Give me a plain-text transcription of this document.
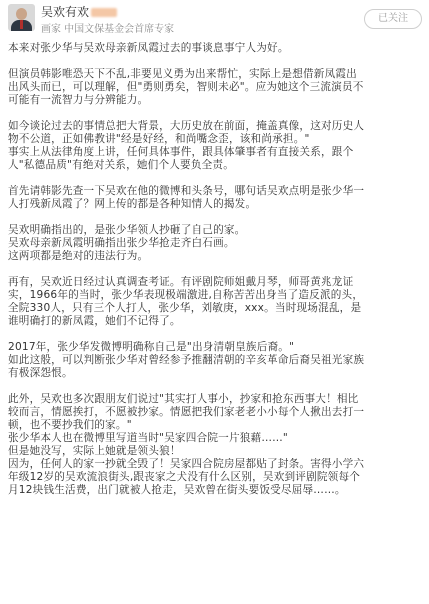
吴欢有欢
画家 中国文保基金会首席专家
已关注
本来对张少华与吴欢母亲新凤霞过去的事谈息事宁人为好。
但演员韩影唯恐天下不乱,非要见义勇为出来帮忙，实际上是想借新凤霞出
出风头而已，可以理解，但"勇则勇矣，智则未必"。应为她这个三流演员不
可能有一流智力与分辨能力。
如今谈论过去的事情总把大背景，大历史放在前面，掩盖真像，这对历史人
物不公道，正如佛教讲"经是好经，和尚嘴念歪，该和尚承担。"
事实上从法律角度上讲，任何具体事件，跟具体肇事者有直接关系，跟个
人"私德品质"有绝对关系，她们个人要负全责。
首先请韩影先查一下吴欢在他的微博和头条号，哪句话吴欢点明是张少华一
人打残新凤霞了？网上传的都是各种知情人的揭发。
吴欢明确指出的，是张少华领人抄砸了自己的家。
吴欢母亲新凤霞明确指出张少华抢走齐白石画。
这两项都是绝对的违法行为。
再有，吴欢近日经过认真调查考证。有评剧院师姐戴月琴，师哥黄兆龙证
实，1966年的当时，张少华表现极端激进,自称苦苦出身当了造反派的头，
全院330人，只有三个人打人，张少华，刘敏庚，xxx。当时现场混乱，是
谁明确打的新凤霞，她们不记得了。
2017年，张少华发微博明确称自己是"出身清朝皇族后裔。"
如此这般，可以判断张少华对曾经参予推翻清朝的辛亥革命后裔吴祖光家族
有极深怨恨。
此外，吴欢也多次跟朋友们说过"其实打人事小，抄家和抢东西事大！相比
较而言，情愿挨打，不愿被抄家。情愿把我们家老老小小每个人揪出去打一
顿，也不要抄我们的家。"
张少华本人也在微博里写道当时"吴家四合院一片狼藉……"
但是她没写，实际上她就是领头狼！
因为，任何人的家一抄就全毁了！吴家四合院房屋都贴了封条。害得小学六
年级12岁的吴欢流浪街头,跟丧家之犬没有什么区别，吴欢到评剧院领每个
月12块钱生活费，出门就被人抢走，吴欢曾在街头要饭受尽屈辱……。
